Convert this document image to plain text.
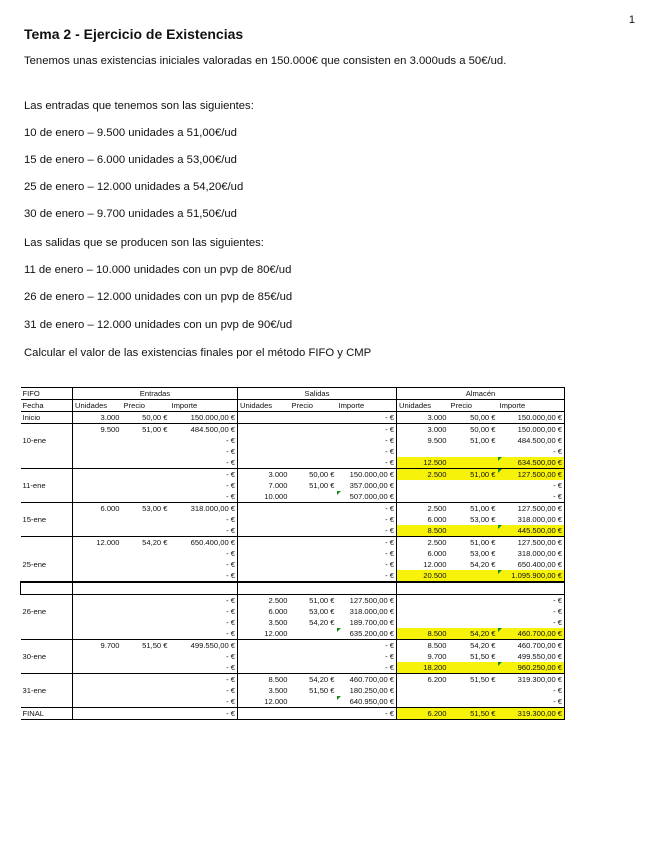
1
Tema 2 - Ejercicio de Existencias
Tenemos unas existencias iniciales valoradas en 150.000€ que consisten en 3.000uds a 50€/ud.
Las entradas que tenemos son las siguientes:
10 de enero – 9.500 unidades a 51,00€/ud
15 de enero – 6.000 unidades a 53,00€/ud
25 de enero – 12.000 unidades a 54,20€/ud
30 de enero – 9.700 unidades a 51,50€/ud
Las salidas que se producen son las siguientes:
11 de enero – 10.000 unidades con un pvp de 80€/ud
26 de enero – 12.000 unidades con un pvp de 85€/ud
31 de enero – 12.000 unidades con un pvp de 90€/ud
Calcular el valor de las existencias finales por el método FIFO y CMP
FIFO	Entradas			Salidas			Almacén		
Fecha	Unidades	Precio	Importe	Unidades	Precio	Importe	Unidades	Precio	Importe
Inicio	3.000	50,00 €	150.000,00 €			- €	3.000	50,00 €	150.000,00 €
	9.500	51,00 €	484.500,00 €			- €	3.000	50,00 €	150.000,00 €
10-ene			- €			- €	9.500	51,00 €	484.500,00 €
			- €			- €			- €
			- €			- €	12.500		634.500,00 €
			- €	3.000	50,00 €	150.000,00 €	2.500	51,00 €	127.500,00 €
11-ene			- €	7.000	51,00 €	357.000,00 €			- €
			- €	10.000		507.000,00 €			- €
	6.000	53,00 €	318.000,00 €			- €	2.500	51,00 €	127.500,00 €
15-ene			- €			- €	6.000	53,00 €	318.000,00 €
			- €			- €	8.500		445.500,00 €
	12.000	54,20 €	650.400,00 €			- €	2.500	51,00 €	127.500,00 €
			- €			- €	6.000	53,00 €	318.000,00 €
25-ene			- €			- €	12.000	54,20 €	650.400,00 €
			- €			- €	20.500		1.095.900,00 €

			- €	2.500	51,00 €	127.500,00 €			- €
26-ene			- €	6.000	53,00 €	318.000,00 €			- €
			- €	3.500	54,20 €	189.700,00 €			- €
			- €	12.000		635.200,00 €	8.500	54,20 €	460.700,00 €
	9.700	51,50 €	499.550,00 €			- €	8.500	54,20 €	460.700,00 €
30-ene			- €			- €	9.700	51,50 €	499.550,00 €
			- €			- €	18.200		960.250,00 €
			- €	8.500	54,20 €	460.700,00 €	6.200	51,50 €	319.300,00 €
31-ene			- €	3.500	51,50 €	180.250,00 €			- €
			- €	12.000		640.950,00 €			- €
FINAL			- €			- €	6.200	51,50 €	319.300,00 €
